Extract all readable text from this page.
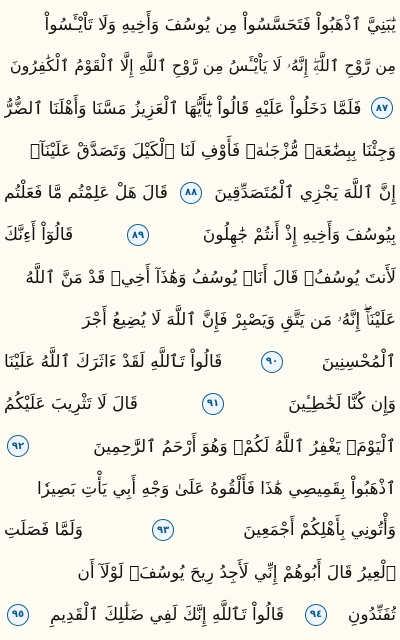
يَٰبَنِيَّ ٱذْهَبُواْ فَتَحَسَّسُواْ مِن يُوسُفَ وَأَخِيهِ وَلَا تَاْيْـَٔسُواْ
مِن رَّوْحِ ٱللَّهِۖ إِنَّهُۥ لَا يَاْيْـَٔسُ مِن رَّوْحِ ٱللَّهِ إِلَّا ٱلْقَوْمُ ٱلْكَٰفِرُونَ
٨٧
فَلَمَّا دَخَلُواْ عَلَيْهِ قَالُواْ يَٰٓأَيُّهَا ٱلْعَزِيزُ مَسَّنَا وَأَهْلَنَا ٱلضُّرُّ
وَجِئْنَا بِبِضَٰعَةٖ مُّزْجَىٰةٖ فَأَوْفِ لَنَا ٱلْكَيْلَ وَتَصَدَّقْ عَلَيْنَآۖ
إِنَّ ٱللَّهَ يَجْزِي ٱلْمُتَصَدِّقِينَ
٨٨
قَالَ هَلْ عَلِمْتُم مَّا فَعَلْتُم
بِيُوسُفَ وَأَخِيهِ إِذْ أَنتُمْ جَٰهِلُونَ
٨٩
قَالُوٓاْ أَءِنَّكَ
لَأَنتَ يُوسُفُۖ قَالَ أَنَا۠ يُوسُفُ وَهَٰذَآ أَخِيۖ قَدْ مَنَّ ٱللَّهُ
عَلَيْنَآۖ إِنَّهُۥ مَن يَتَّقِ وَيَصْبِرْ فَإِنَّ ٱللَّهَ لَا يُضِيعُ أَجْرَ
ٱلْمُحْسِنِينَ
٩٠
قَالُواْ تَٱللَّهِ لَقَدْ ءَاثَرَكَ ٱللَّهُ عَلَيْنَا
وَإِن كُنَّا لَخَٰطِـِٔينَ
٩١
قَالَ لَا تَثْرِيبَ عَلَيْكُمُ
ٱلْيَوْمَۖ يَغْفِرُ ٱللَّهُ لَكُمْۖ وَهُوَ أَرْحَمُ ٱلرَّٰحِمِينَ
٩٢
ٱذْهَبُواْ بِقَمِيصِي هَٰذَا فَأَلْقُوهُ عَلَىٰ وَجْهِ أَبِي يَأْتِ بَصِيرٗا
وَأْتُونِي بِأَهْلِكُمْ أَجْمَعِينَ
٩٣
وَلَمَّا فَصَلَتِ
ٱلْعِيرُ قَالَ أَبُوهُمْ إِنِّي لَأَجِدُ رِيحَ يُوسُفَۖ لَوْلَآ أَن
تُفَنِّدُونِ
٩٤
قَالُواْ تَٱللَّهِ إِنَّكَ لَفِي ضَلَٰلِكَ ٱلْقَدِيمِ
٩٥
